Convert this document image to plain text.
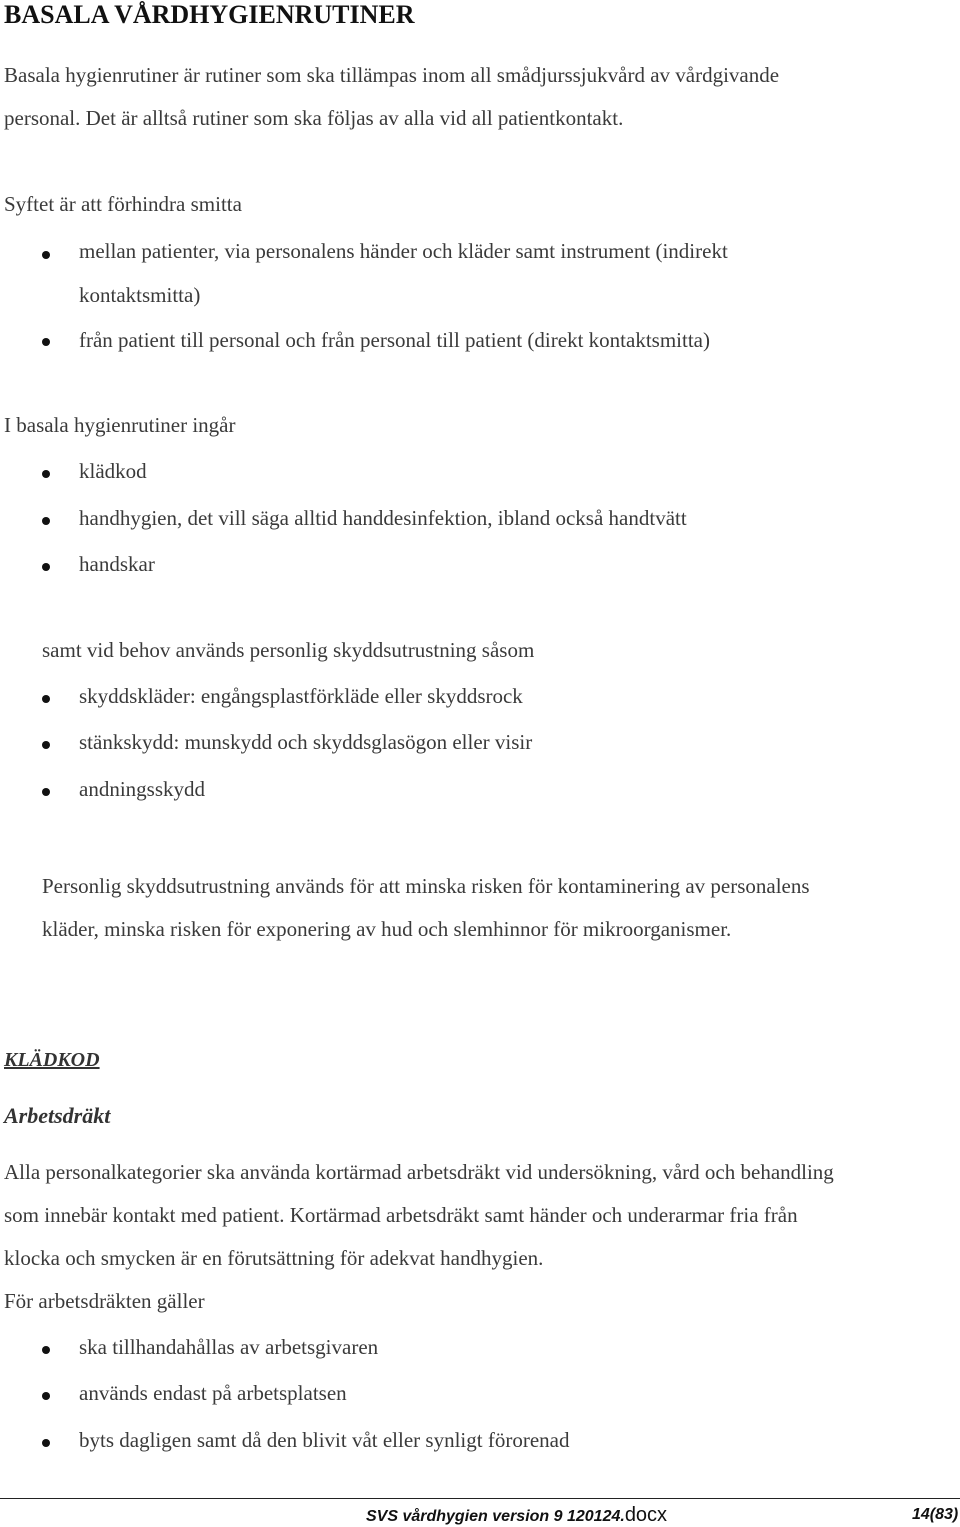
BASALA VÅRDHYGIENRUTINER
Basala hygienrutiner är rutiner som ska tillämpas inom all smådjurssjukvård av vårdgivande
personal. Det är alltså rutiner som ska följas av alla vid all patientkontakt.
Syftet är att förhindra smitta
mellan patienter, via personalens händer och kläder samt instrument (indirekt
kontaktsmitta)
från patient till personal och från personal till patient (direkt kontaktsmitta)
I basala hygienrutiner ingår
klädkod
handhygien, det vill säga alltid handdesinfektion, ibland också handtvätt
handskar
samt vid behov används personlig skyddsutrustning såsom
skyddskläder: engångsplastförkläde eller skyddsrock
stänkskydd: munskydd och skyddsglasögon eller visir
andningsskydd
Personlig skyddsutrustning används för att minska risken för kontaminering av personalens
kläder, minska risken för exponering av hud och slemhinnor för mikroorganismer.
KLÄDKOD
Arbetsdräkt
Alla personalkategorier ska använda kortärmad arbetsdräkt vid undersökning, vård och behandling
som innebär kontakt med patient. Kortärmad arbetsdräkt samt händer och underarmar fria från
klocka och smycken är en förutsättning för adekvat handhygien.
För arbetsdräkten gäller
ska tillhandahållas av arbetsgivaren
används endast på arbetsplatsen
byts dagligen samt då den blivit våt eller synligt förorenad
SVS vårdhygien version 9 120124.docx	14(83)
